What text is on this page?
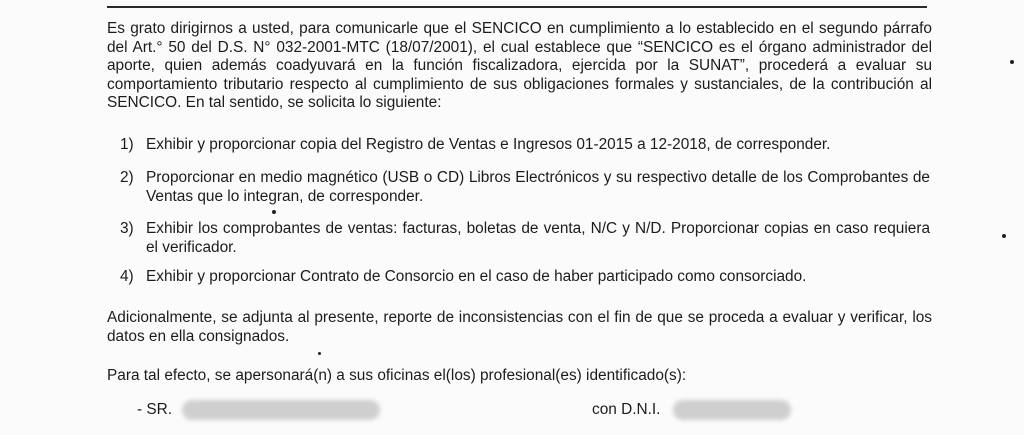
Es grato dirigirnos a usted, para comunicarle que el SENCICO en cumplimiento a lo establecido en el segundo párrafo del Art.° 50 del D.S. N° 032-2001-MTC (18/07/2001), el cual establece que “SENCICO es el órgano administrador del aporte, quien además coadyuvará en la función fiscalizadora, ejercida por la SUNAT”, procederá a evaluar su comportamiento tributario respecto al cumplimiento de sus obligaciones formales y sustanciales, de la contribución al SENCICO. En tal sentido, se solicita lo siguiente:

1) Exhibir y proporcionar copia del Registro de Ventas e Ingresos 01-2015 a 12-2018, de corresponder.
2) Proporcionar en medio magnético (USB o CD) Libros Electrónicos y su respectivo detalle de los Comprobantes de Ventas que lo integran, de corresponder.
3) Exhibir los comprobantes de ventas: facturas, boletas de venta, N/C y N/D. Proporcionar copias en caso requiera el verificador.
4) Exhibir y proporcionar Contrato de Consorcio en el caso de haber participado como consorciado.

Adicionalmente, se adjunta al presente, reporte de inconsistencias con el fin de que se proceda a evaluar y verificar, los datos en ella consignados.

Para tal efecto, se apersonará(n) a sus oficinas el(los) profesional(es) identificado(s):

- SR.	con D.N.I.
